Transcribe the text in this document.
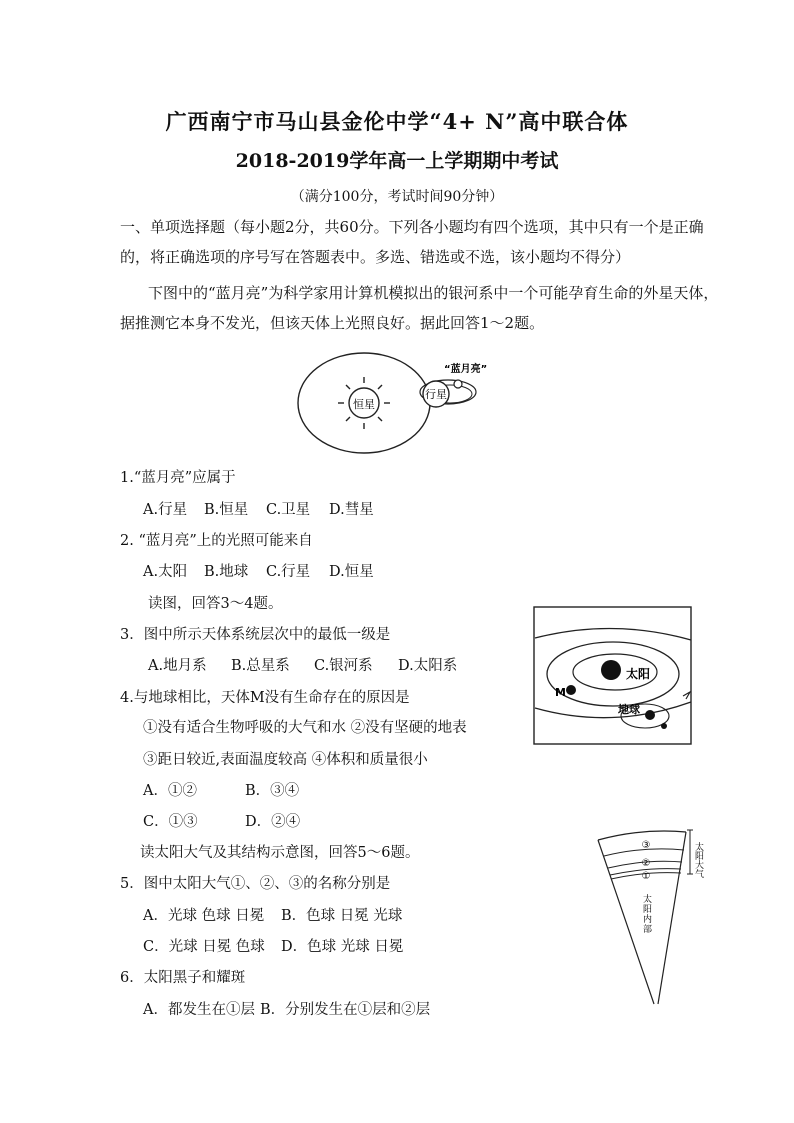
广西南宁市马山县金伦中学“4+ N”高中联合体
2018-2019学年高一上学期期中考试
（满分100分，考试时间90分钟）
一、单项选择题（每小题2分，共60分。下列各小题均有四个选项，其中只有一个是正确
的，将正确选项的序号写在答题表中。多选、错选或不选，该小题均不得分）
下图中的“蓝月亮”为科学家用计算机模拟出的银河系中一个可能孕育生命的外星天体，
据推测它本身不发光，但该天体上光照良好。据此回答1～2题。
恒星
行星
“蓝月亮”
1.“蓝月亮”应属于
A.行星 B.恒星 C.卫星 D.彗星
2. “蓝月亮”上的光照可能来自
A.太阳 B.地球 C.行星 D.恒星
读图，回答3～4题。
太阳
M
地球
3．图中所示天体系统层次中的最低一级是
A.地月系 B.总星系 C.银河系 D.太阳系
4.与地球相比，天体M没有生命存在的原因是
①没有适合生物呼吸的大气和水 ②没有坚硬的地表
③距日较近,表面温度较高 ④体积和质量很小
A．①②	B．③④
C．①③	D．②④
读太阳大气及其结构示意图，回答5～6题。	③
②
①
太阳内部
太阳大气
5．图中太阳大气①、②、③的名称分别是
A．光球 色球 日冕 B．色球 日冕 光球
C．光球 日冕 色球 D．色球 光球 日冕
6．太阳黑子和耀斑
A．都发生在①层 B．分别发生在①层和②层
